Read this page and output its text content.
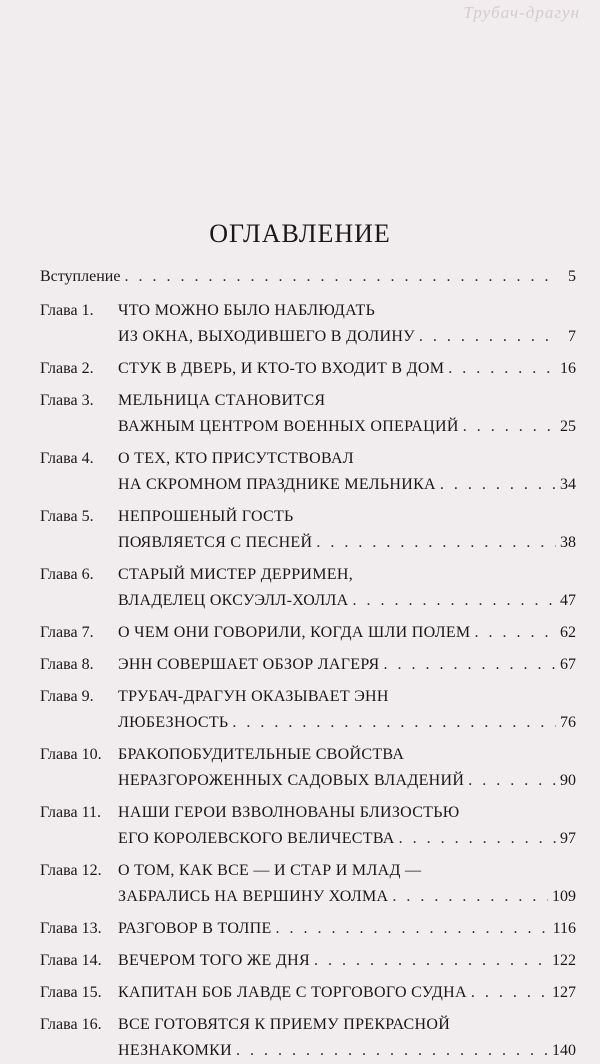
Трубач-драгун
ОГЛАВЛЕНИЕ
Вступление . . .	5
Глава 1.	ЧТО МОЖНО БЫЛО НАБЛЮДАТЬ
ИЗ ОКНА, ВЫХОДИВШЕГО В ДОЛИНУ . . .	7
Глава 2.	СТУК В ДВЕРЬ, И КТО-ТО ВХОДИТ В ДОМ . . .	16
Глава 3.	МЕЛЬНИЦА СТАНОВИТСЯ
ВАЖНЫМ ЦЕНТРОМ ВОЕННЫХ ОПЕРАЦИЙ . . .	25
Глава 4.	О ТЕХ, КТО ПРИСУТСТВОВАЛ
НА СКРОМНОМ ПРАЗДНИКЕ МЕЛЬНИКА . . .	34
Глава 5.	НЕПРОШЕНЫЙ ГОСТЬ
ПОЯВЛЯЕТСЯ С ПЕСНЕЙ . . .	38
Глава 6.	СТАРЫЙ МИСТЕР ДЕРРИМЕН,
ВЛАДЕЛЕЦ ОКСУЭЛЛ-ХОЛЛА . . .	47
Глава 7.	О ЧЕМ ОНИ ГОВОРИЛИ, КОГДА ШЛИ ПОЛЕМ . . .	62
Глава 8.	ЭНН СОВЕРШАЕТ ОБЗОР ЛАГЕРЯ . . .	67
Глава 9.	ТРУБАЧ-ДРАГУН ОКАЗЫВАЕТ ЭНН
ЛЮБЕЗНОСТЬ . . .	76
Глава 10.	БРАКОПОБУДИТЕЛЬНЫЕ СВОЙСТВА
НЕРАЗГОРОЖЕННЫХ САДОВЫХ ВЛАДЕНИЙ . . .	90
Глава 11.	НАШИ ГЕРОИ ВЗВОЛНОВАНЫ БЛИЗОСТЬЮ
ЕГО КОРОЛЕВСКОГО ВЕЛИЧЕСТВА . . .	97
Глава 12.	О ТОМ, КАК ВСЕ — И СТАР И МЛАД —
ЗАБРАЛИСЬ НА ВЕРШИНУ ХОЛМА . . .	109
Глава 13.	РАЗГОВОР В ТОЛПЕ . . .	116
Глава 14.	ВЕЧЕРОМ ТОГО ЖЕ ДНЯ . . .	122
Глава 15.	КАПИТАН БОБ ЛАВДЕ С ТОРГОВОГО СУДНА . . .	127
Глава 16.	ВСЕ ГОТОВЯТСЯ К ПРИЕМУ ПРЕКРАСНОЙ
НЕЗНАКОМКИ . . .	140
